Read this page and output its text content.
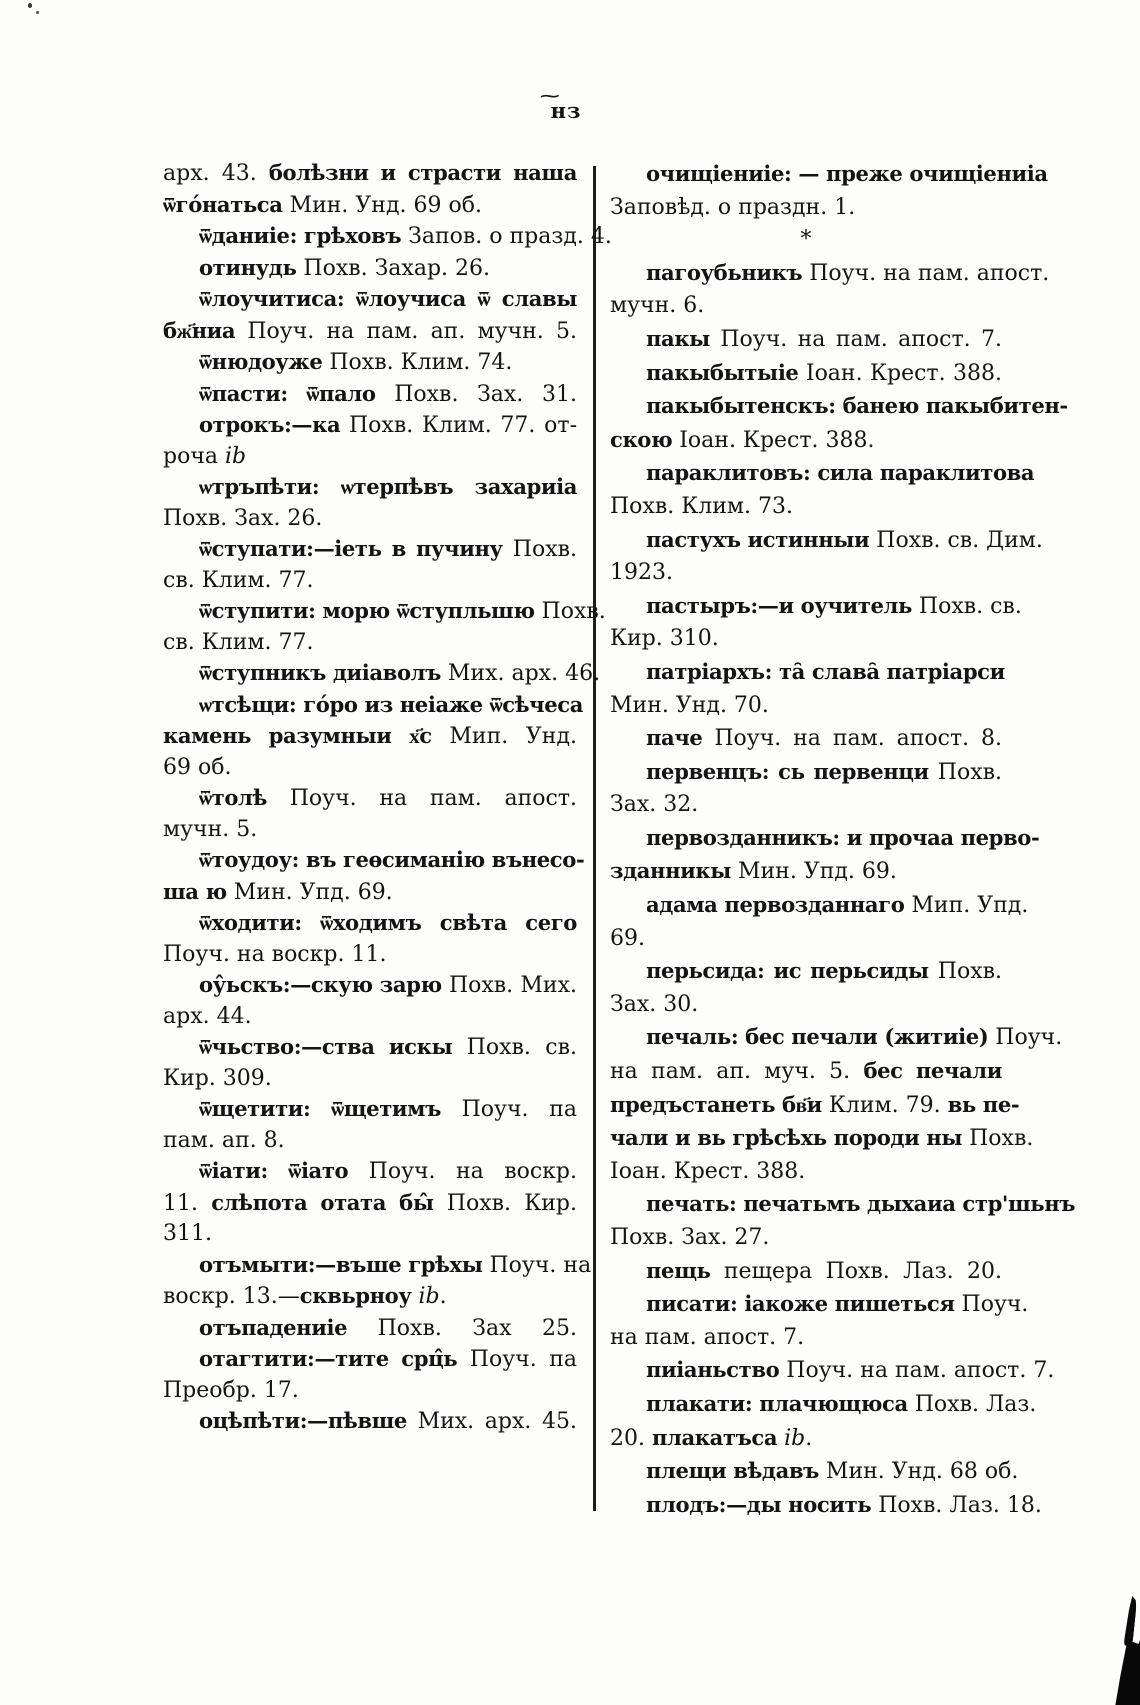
~
нз
арх. 43. болѣзни и страсти наша
ѿго́натьса Мин. Унд. 69 об.
ѿданиіе: грѣховъ Запов. о празд. 4.
отинудь Похв. Захар. 26.
ѿлоучитиса: ѿлоучиса ѿ славы
бж҃ниа Поуч. на пам. ап. мучн. 5.
ѿнюдоуже Похв. Клим. 74.
ѿпасти: ѿпало Похв. Зах. 31.
отрокъ:—ка Похв. Клим. 77. от-
роча ib
ѡтръпѣти: ѡтерпѣвъ захариіа
Похв. Зах. 26.
ѿступати:—іеть в пучину Похв.
св. Клим. 77.
ѿступити: морю ѿступльшю Похв.
св. Клим. 77.
ѿступникъ диіаволъ Мих. арх. 46.
ѡтсѣщи: го́ро из неіаже ѿсѣчеса
камень разумныи х҃с Мип. Унд.
69 об.
ѿтолѣ Поуч. на пам. апост.
мучн. 5.
ѿтоудоу: въ геѳсиманію вънесо-
ша ю Мин. Упд. 69.
ѿходити: ѿходимъ свѣта сего
Поуч. на воскр. 11.
оу̂ьскъ:—скую зарю Похв. Мих.
арх. 44.
ѿчьство:—ства искы Похв. св.
Кир. 309.
ѿщетити: ѿщетимъ Поуч. па
пам. ап. 8.
ѿіати: ѿіато Поуч. на воскр.
11. слѣпота отата бы̂ Похв. Кир.
311.
отъмыти:—въше грѣхы Поуч. на
воскр. 13.—сквьрноу ib.
отъпадениіе Похв. Зах 25.
отагтити:—тите срц̂ь Поуч. па
Преобр. 17.
оцѣпѣти:—пѣвше Мих. арх. 45.
очищіениіе: — преже очищіениіа
Заповѣд. о праздн. 1.
*
пагоубьникъ Поуч. на пам. апост.
мучн. 6.
пакы Поуч. на пам. апост. 7.
пакыбытыіе Іоан. Крест. 388.
пакыбытенскъ: банею пакыбитен-
скою Іоан. Крест. 388.
параклитовъ: сила параклитова
Похв. Клим. 73.
пастухъ истинныи Похв. св. Дим.
1923.
пастыръ:—и оучитель Похв. св.
Кир. 310.
патріархъ: та̑ слава̑ патріарси
Мин. Унд. 70.
паче Поуч. на пам. апост. 8.
первенцъ: сь первенци Похв.
Зах. 32.
первозданникъ: и прочаа перво-
зданникы Мин. Упд. 69.
адама первозданнаго Мип. Упд.
69.
перьсида: ис перьсиды Похв.
Зах. 30.
печаль: бес печали (житиіе) Поуч.
на пам. ап. муч. 5. бес печали
предъстанеть бв҃и Клим. 79. вь пе-
чали и вь грѣсѣхь породи ны Похв.
Іоан. Крест. 388.
печать: печатьмъ дыхаиа стр'шьнъ
Похв. Зах. 27.
пещь пещера Похв. Лаз. 20.
писати: іакоже пишеться Поуч.
на пам. апост. 7.
пиіаньство Поуч. на пам. апост. 7.
плакати: плачющюса Похв. Лаз.
20. плакатъса ib.
плещи вѣдавъ Мин. Унд. 68 об.
плодъ:—ды носить Похв. Лаз. 18.
